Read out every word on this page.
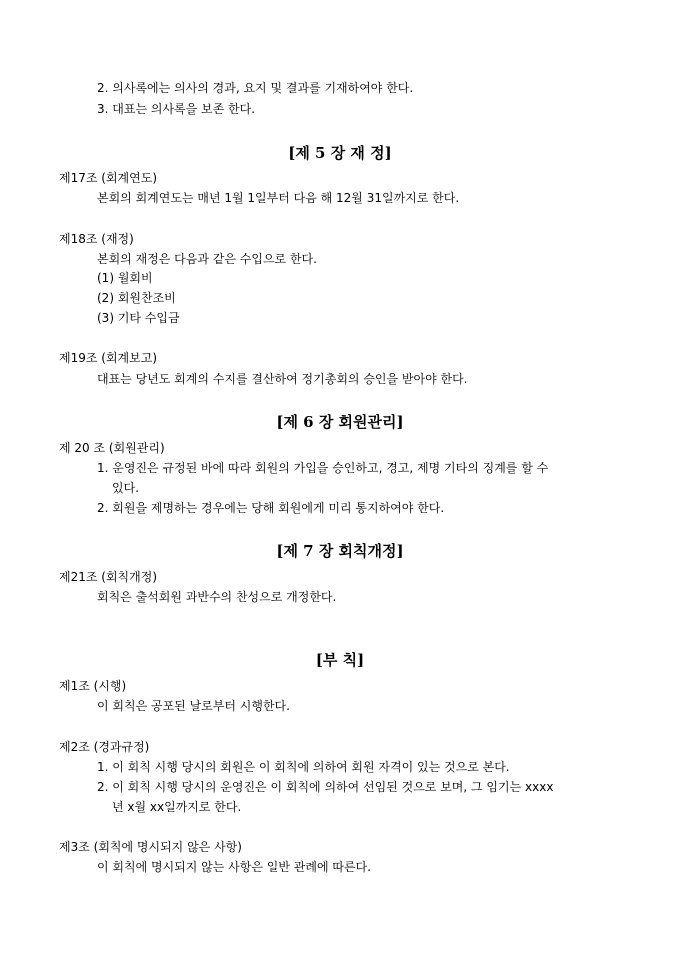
2. 의사록에는 의사의 경과, 요지 및 결과를 기재하여야 한다.
3. 대표는 의사록을 보존 한다.
[제 5 장 재 정]
제17조 (회계연도)
본회의 회계연도는 매년 1월 1일부터 다음 해 12월 31일까지로 한다.
제18조 (재정)
본회의 재정은 다음과 같은 수입으로 한다.
(1) 월회비
(2) 회원찬조비
(3) 기타 수입금
제19조 (회계보고)
대표는 당년도 회계의 수지를 결산하여 정기총회의 승인을 받아야 한다.
[제 6 장 회원관리]
제 20 조 (회원관리)
1. 운영진은 규정된 바에 따라 회원의 가입을 승인하고, 경고, 제명 기타의 징계를 할 수
있다.
2. 회원을 제명하는 경우에는 당해 회원에게 미리 통지하여야 한다.
[제 7 장 회칙개정]
제21조 (회칙개정)
회칙은 출석회원 과반수의 찬성으로 개정한다.
[부 칙]
제1조 (시행)
이 회칙은 공포된 날로부터 시행한다.
제2조 (경과규정)
1. 이 회칙 시행 당시의 회원은 이 회칙에 의하여 회원 자격이 있는 것으로 본다.
2. 이 회칙 시행 당시의 운영진은 이 회칙에 의하여 선임된 것으로 보며, 그 임기는 xxxx
년 x월 xx일까지로 한다.
제3조 (회칙에 명시되지 않은 사항)
이 회칙에 명시되지 않는 사항은 일반 관례에 따른다.
